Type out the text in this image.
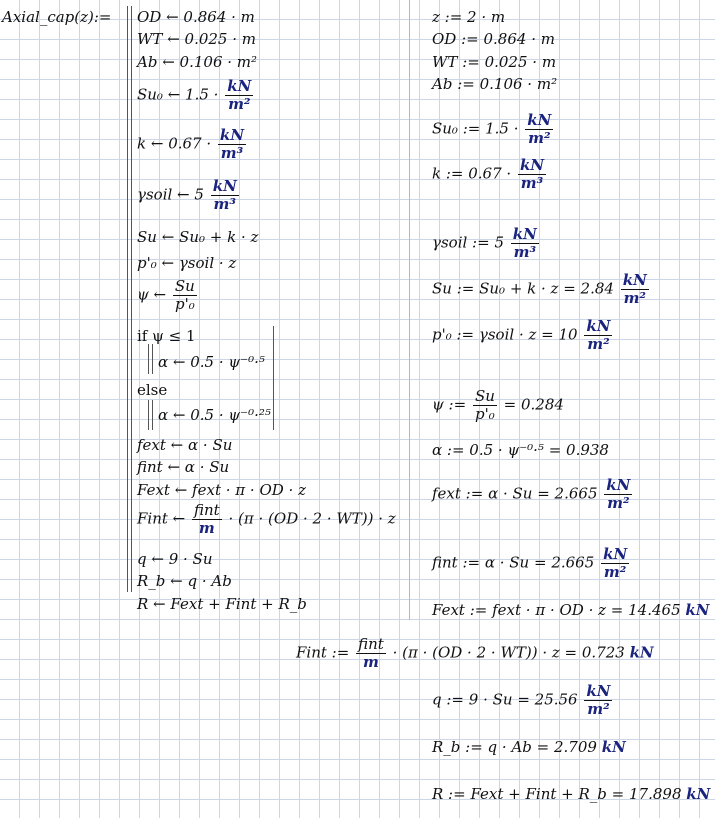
Axial_cap(z):= OD ← 0.864 · m
WT ← 0.025 · m
Ab ← 0.106 · m²
Su₀ ← $1.5 \cdot \frac{kN}{\text{m²}}$
k ← $0.67 \cdot \frac{kN}{\text{m³}}$
γsoil ← $5 \frac{kN}{\text{m³}}$
Su ← Su₀ + k · z
p'₀ ← γsoil · z
ψ ← $\frac{Su}{\text{p'₀}}$
if ψ ≤ 1
α ← 0.5 · ψ⁻⁰·⁵
else
α ← 0.5 · ψ⁻⁰·²⁵
fext ← α · Su
fint ← α · Su
Fext ← fext · π · OD · z
Fint ← $\frac{\text{fint}}{m} \cdot (\pi \cdot (OD \cdot 2 \cdot WT)) \cdot z$
q ← 9 · Su
R_b ← q · Ab
R ← Fext + Fint + R_b
z := 2 · m
OD := 0.864 · m
WT := 0.025 · m
Ab := 0.106 · m²
Su₀ := $1.5 \cdot \frac{kN}{\text{m²}}$
k := $0.67 \cdot \frac{kN}{\text{m³}}$
γsoil := $5 \frac{kN}{\text{m³}}$
Su := $Su_0 + k \cdot z = 2.84 \frac{kN}{\text{m²}}$
p'₀ := γsoil · $z = 10 \frac{kN}{\text{m²}}$
ψ := $\frac{Su}{\text{p'₀}} = 0.284$
α := 0.5 · ψ⁻⁰·⁵ = 0.938
fext := $\alpha \cdot Su = 2.665 \frac{kN}{\text{m²}}$
fint := $\alpha \cdot Su = 2.665 \frac{kN}{\text{m²}}$
Fext := fext · π · OD · z = 14.465 kN
Fint := $\frac{\text{fint}}{m} \cdot (\pi \cdot (OD \cdot 2 \cdot WT)) \cdot z = 0.723$ kN
q := $9 \cdot Su = 25.56 \frac{kN}{\text{m²}}$
R_b := q · Ab = 2.709 kN
R := Fext + Fint + R_b = 17.898 kN
